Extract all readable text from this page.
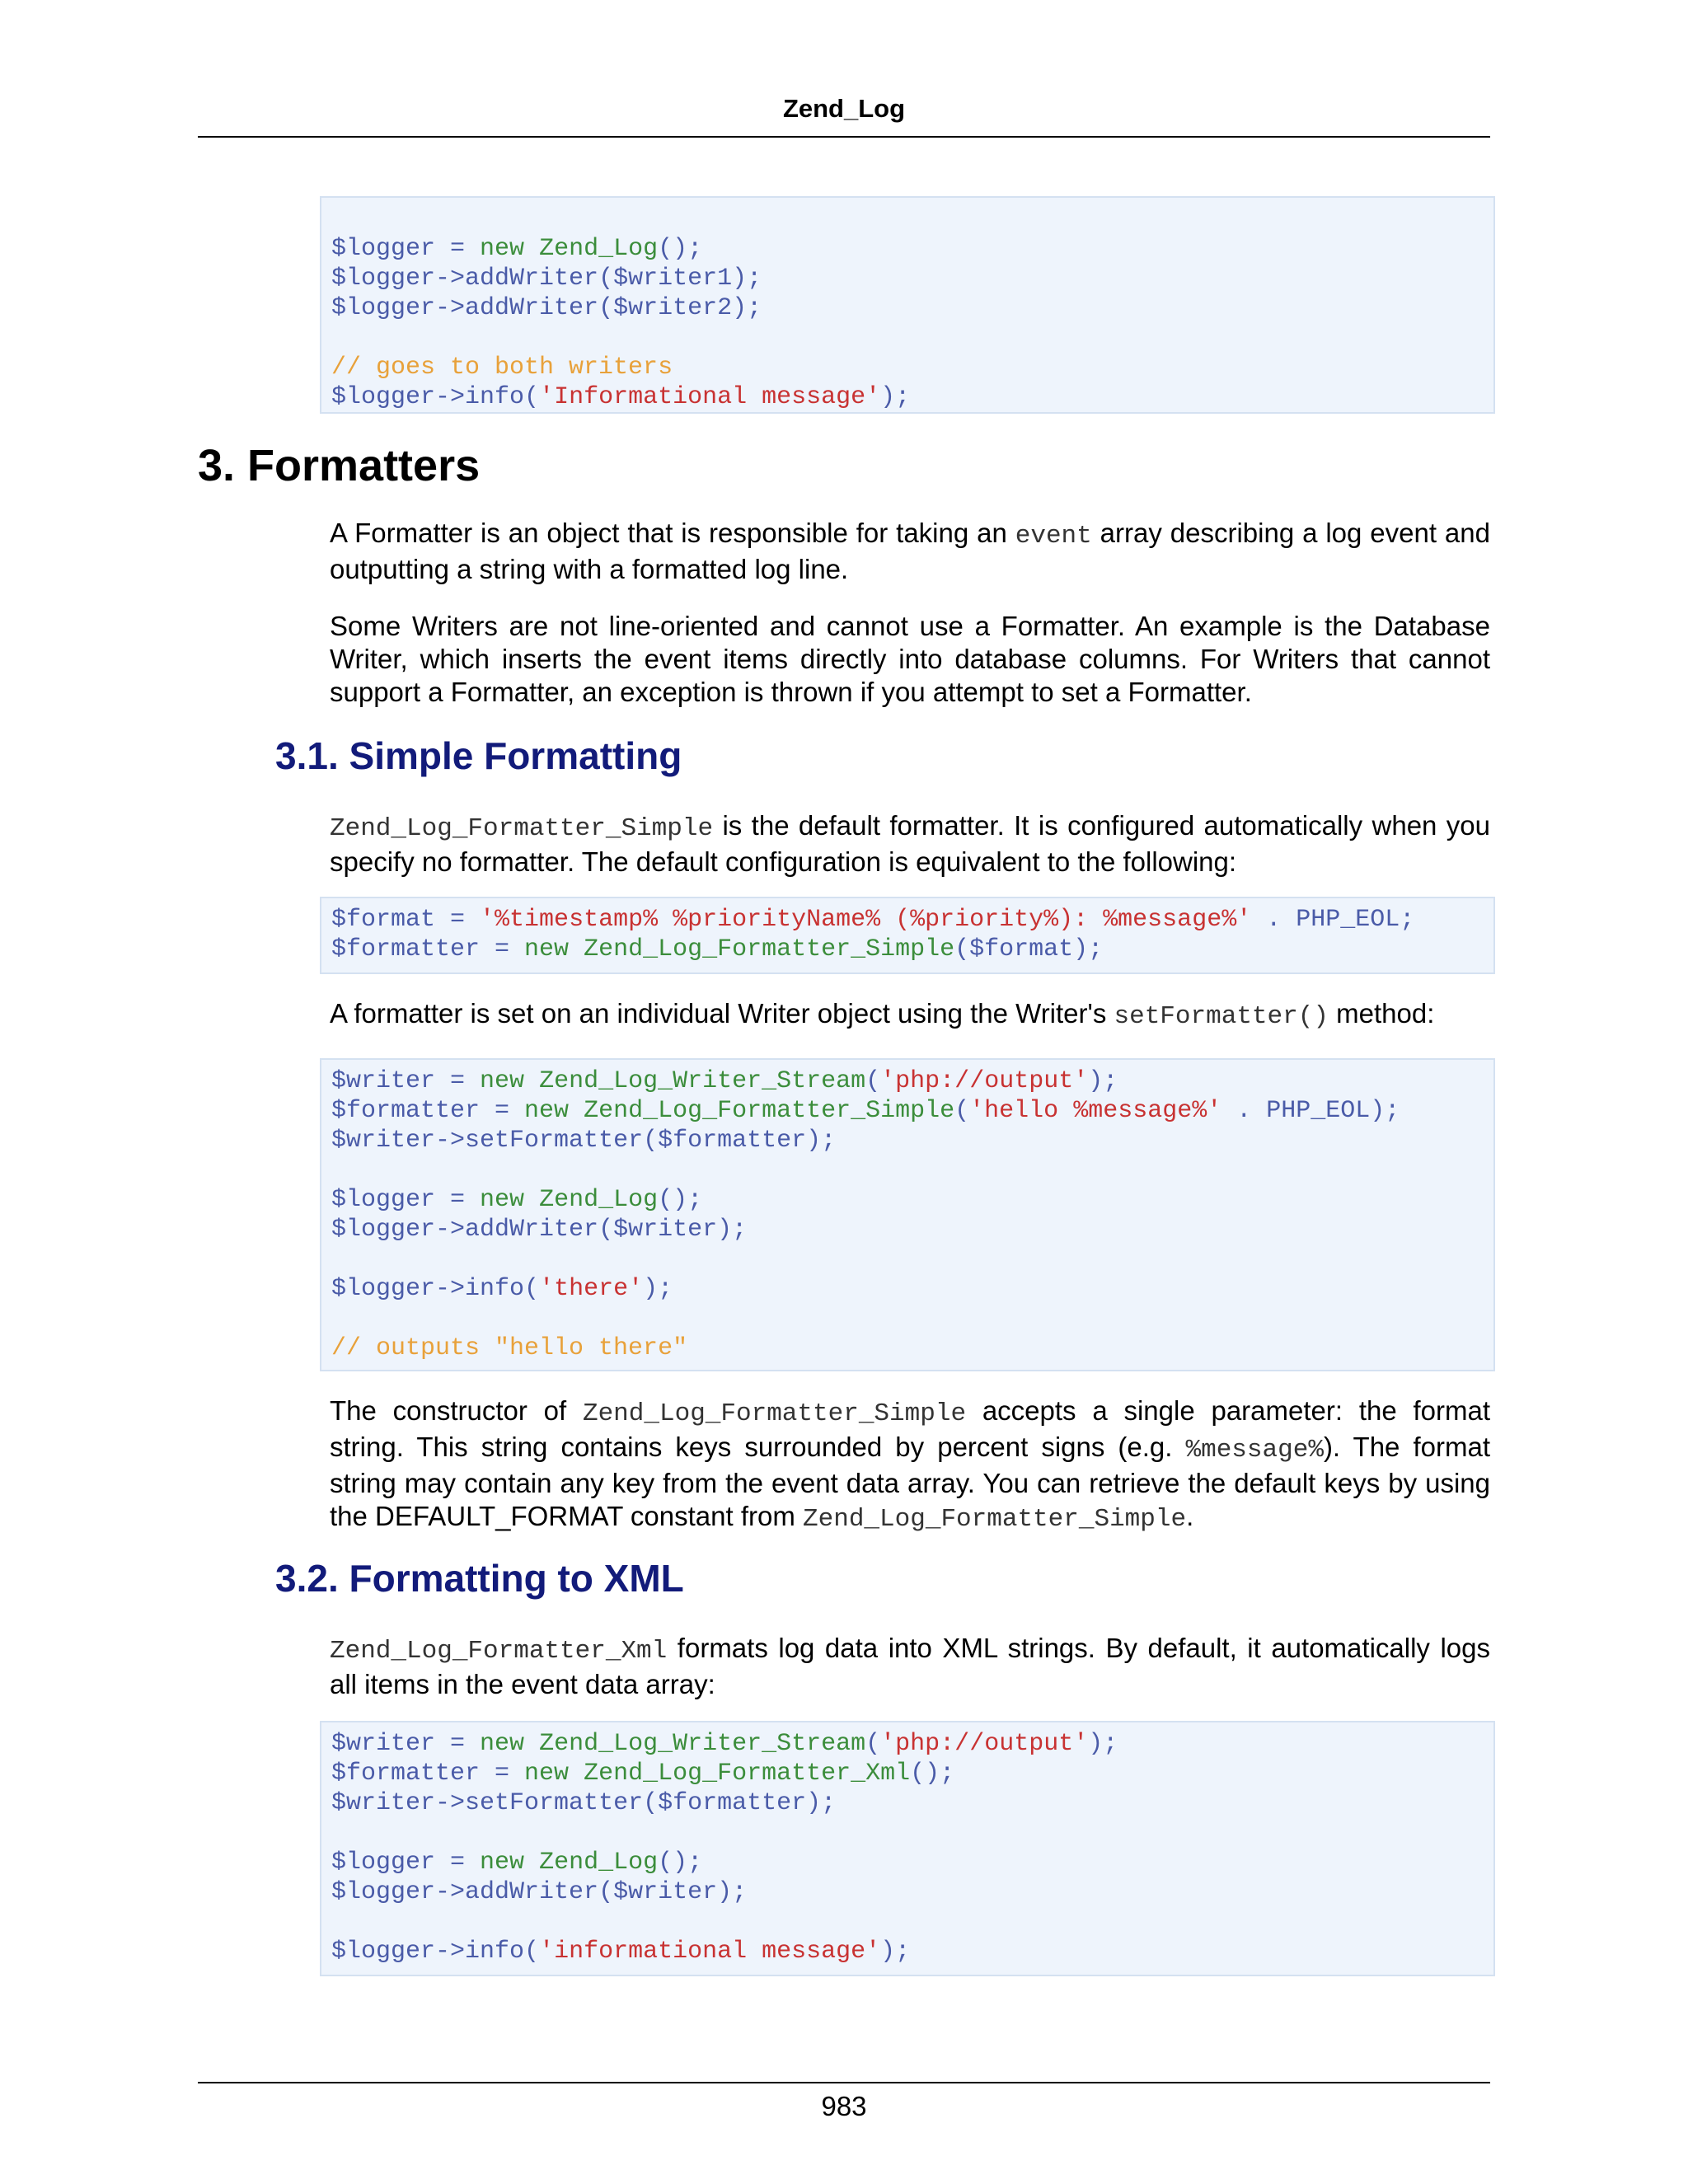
Zend_Log
$logger = new Zend_Log();
$logger->addWriter($writer1);
$logger->addWriter($writer2);
// goes to both writers
$logger->info('Informational message');
3. Formatters

A Formatter is an object that is responsible for taking an event array describing a log event and outputting a string with a formatted log line.

Some Writers are not line-oriented and cannot use a Formatter. An example is the Database Writer, which inserts the event items directly into database columns. For Writers that cannot support a Formatter, an exception is thrown if you attempt to set a Formatter.

3.1. Simple Formatting

Zend_Log_Formatter_Simple is the default formatter. It is configured automatically when you specify no formatter. The default configuration is equivalent to the following:

$format = '%timestamp% %priorityName% (%priority%): %message%' . PHP_EOL;
$formatter = new Zend_Log_Formatter_Simple($format);

A formatter is set on an individual Writer object using the Writer's setFormatter() method:

$writer = new Zend_Log_Writer_Stream('php://output');
$formatter = new Zend_Log_Formatter_Simple('hello %message%' . PHP_EOL);
$writer->setFormatter($formatter);
$logger = new Zend_Log();
$logger->addWriter($writer);
$logger->info('there');
// outputs "hello there"

The constructor of Zend_Log_Formatter_Simple accepts a single parameter: the format string. This string contains keys surrounded by percent signs (e.g. %message%). The format string may contain any key from the event data array. You can retrieve the default keys by using the DEFAULT_FORMAT constant from Zend_Log_Formatter_Simple.

3.2. Formatting to XML

Zend_Log_Formatter_Xml formats log data into XML strings. By default, it automatically logs all items in the event data array:

$writer = new Zend_Log_Writer_Stream('php://output');
$formatter = new Zend_Log_Formatter_Xml();
$writer->setFormatter($formatter);
$logger = new Zend_Log();
$logger->addWriter($writer);
$logger->info('informational message');
983
